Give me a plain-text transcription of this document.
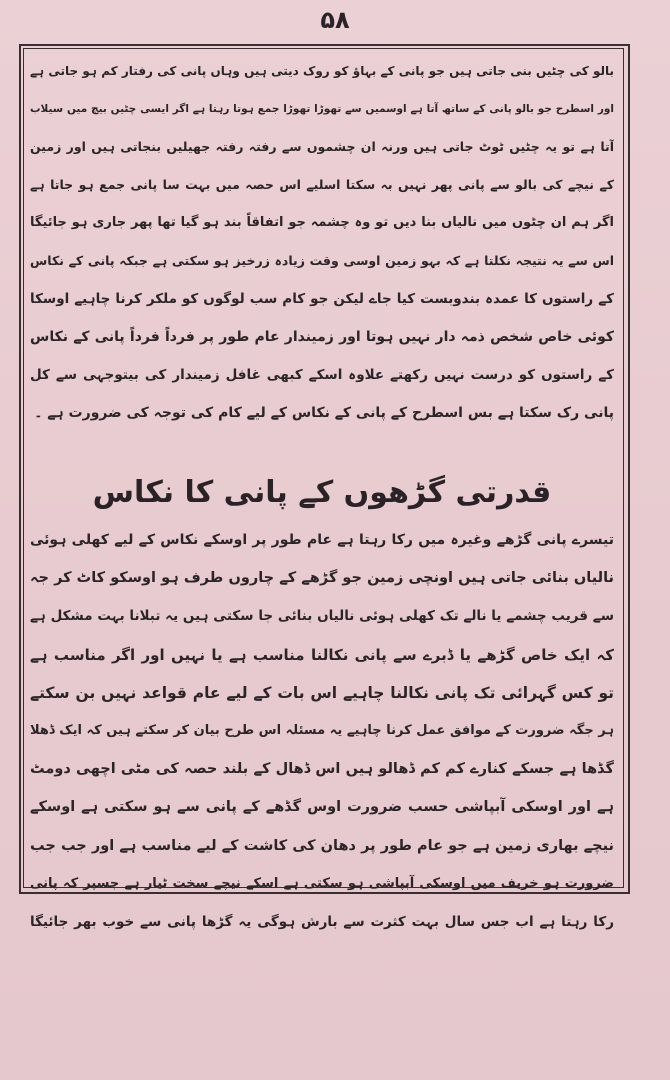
۵۸
بالو کی چٹیں بنی جاتی ہیں جو پانی کے بہاؤ کو روک دیتی ہیں وہاں پانی کی رفتار کم ہو جاتی ہے
اور اسطرح جو بالو پانی کے ساتھ آتا ہے اوسمیں سے تھوڑا تھوڑا جمع ہوتا رہتا ہے اگر ایسی چٹیں بیچ میں سیلاب
آتا ہے تو یہ چٹیں ٹوٹ جاتی ہیں ورنہ ان چشموں سے رفتہ رفتہ جھیلیں بنجاتی ہیں اور زمین
کے نیچے کی بالو سے پانی پھر نہیں بہ سکتا اسلیے اس حصہ میں بہت سا پانی جمع ہو جاتا ہے
اگر ہم ان چٹوں میں نالیاں بنا دیں تو وہ چشمہ جو اتفاقاً بند ہو گیا تھا پھر جاری ہو جائیگا
اس سے یہ نتیجہ نکلتا ہے کہ بہو زمین اوسی وقت زیادہ زرخیز ہو سکتی ہے جبکہ پانی کے نکاس
کے راستوں کا عمدہ بندوبست کیا جاے لیکن جو کام سب لوگوں کو ملکر کرنا چاہیے اوسکا
کوئی خاص شخص ذمہ دار نہیں ہوتا اور زمیندار عام طور پر فرداً فرداً پانی کے نکاس
کے راستوں کو درست نہیں رکھتے علاوہ اسکے کبھی غافل زمیندار کی بیتوجہی سے کل
پانی رک سکتا ہے بس اسطرح کے پانی کے نکاس کے لیے کام کی توجہ کی ضرورت ہے ۔
قدرتی گڑھوں کے پانی کا نکاس
تیسرے پانی گڑھے وغیرہ میں رکا رہتا ہے عام طور پر اوسکے نکاس کے لیے کھلی ہوئی
نالیاں بنائی جاتی ہیں اونچی زمین جو گڑھے کے چاروں طرف ہو اوسکو کاٹ کر جہ
سے قریب چشمے یا نالے تک کھلی ہوئی نالیاں بنائی جا سکتی ہیں یہ تبلانا بہت مشکل ہے
کہ ایک خاص گڑھے یا ڈبرے سے پانی نکالنا مناسب ہے یا نہیں اور اگر مناسب ہے
تو کس گہرائی تک پانی نکالنا چاہیے اس بات کے لیے عام قواعد نہیں بن سکتے
ہر جگہ ضرورت کے موافق عمل کرنا چاہیے یہ مسئلہ اس طرح بیان کر سکتے ہیں کہ ایک ڈھلا
گڈھا ہے جسکے کنارے کم کم ڈھالو ہیں اس ڈھال کے بلند حصہ کی مٹی اچھی دومٹ
ہے اور اوسکی آبپاشی حسب ضرورت اوس گڈھے کے پانی سے ہو سکتی ہے اوسکے
نیچے بھاری زمین ہے جو عام طور پر دھان کی کاشت کے لیے مناسب ہے اور جب جب
ضرورت ہو خریف میں اوسکی آبپاشی ہو سکتی ہے اسکے نیچے سخت ٹیار ہے جسپر کہ پانی
رکا رہتا ہے اب جس سال بہت کثرت سے بارش ہوگی یہ گڑھا پانی سے خوب بھر جائیگا
